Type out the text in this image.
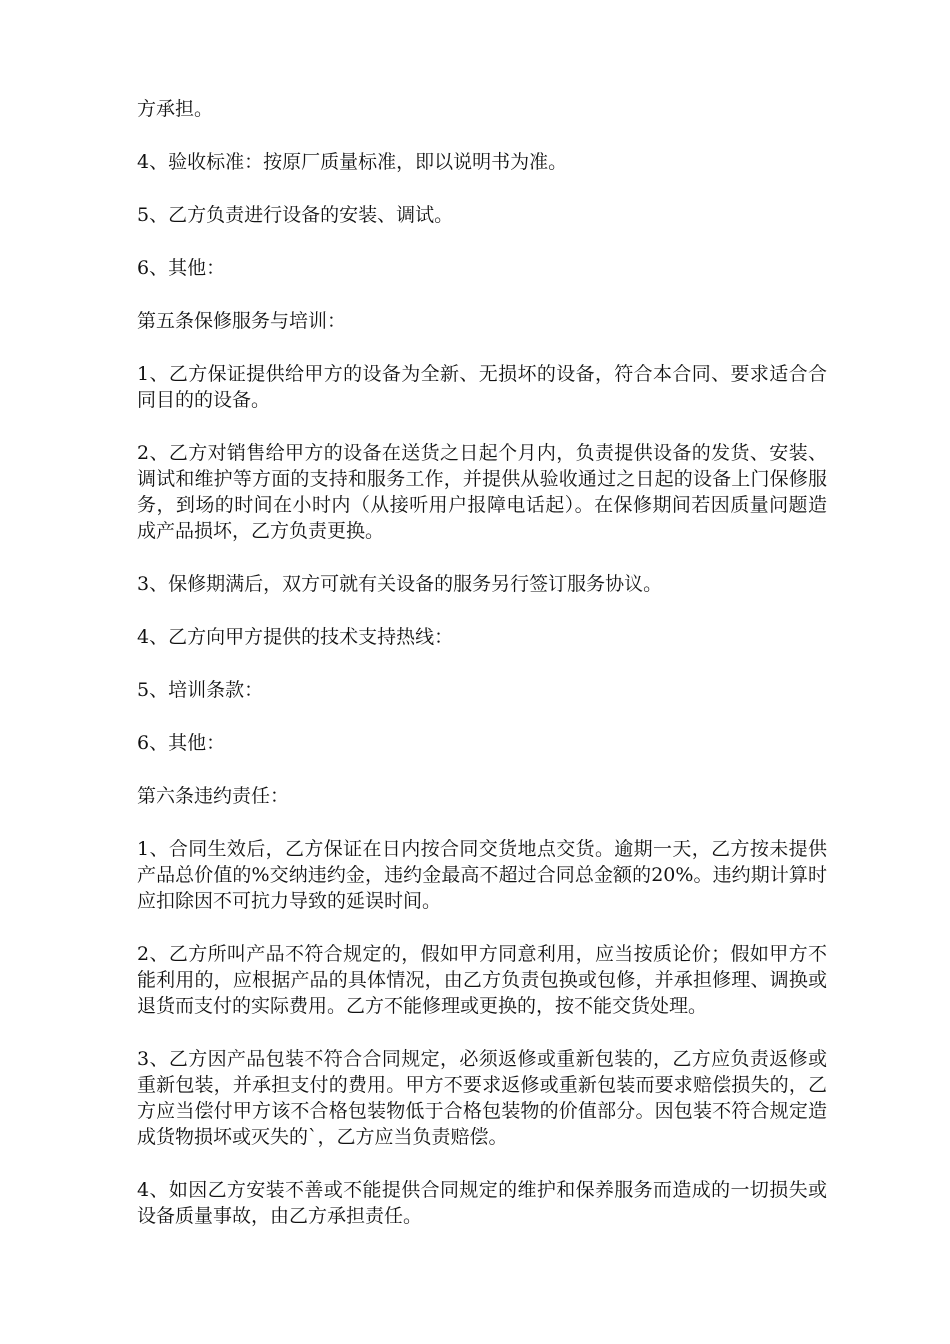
方承担。

4、验收标准：按原厂质量标准，即以说明书为准。

5、乙方负责进行设备的安装、调试。

6、其他：

第五条保修服务与培训：

1、乙方保证提供给甲方的设备为全新、无损坏的设备，符合本合同、要求适合合同目的的设备。

2、乙方对销售给甲方的设备在送货之日起个月内，负责提供设备的发货、安装、调试和维护等方面的支持和服务工作，并提供从验收通过之日起的设备上门保修服务，到场的时间在小时内（从接听用户报障电话起）。在保修期间若因质量问题造成产品损坏，乙方负责更换。

3、保修期满后，双方可就有关设备的服务另行签订服务协议。

4、乙方向甲方提供的技术支持热线：

5、培训条款：

6、其他：

第六条违约责任：

1、合同生效后，乙方保证在日内按合同交货地点交货。逾期一天，乙方按未提供产品总价值的%交纳违约金，违约金最高不超过合同总金额的20%。违约期计算时应扣除因不可抗力导致的延误时间。

2、乙方所叫产品不符合规定的，假如甲方同意利用，应当按质论价；假如甲方不能利用的，应根据产品的具体情况，由乙方负责包换或包修，并承担修理、调换或退货而支付的实际费用。乙方不能修理或更换的，按不能交货处理。

3、乙方因产品包装不符合合同规定，必须返修或重新包装的，乙方应负责返修或重新包装，并承担支付的费用。甲方不要求返修或重新包装而要求赔偿损失的，乙方应当偿付甲方该不合格包装物低于合格包装物的价值部分。因包装不符合规定造成货物损坏或灭失的`，乙方应当负责赔偿。

4、如因乙方安装不善或不能提供合同规定的维护和保养服务而造成的一切损失或设备质量事故，由乙方承担责任。
